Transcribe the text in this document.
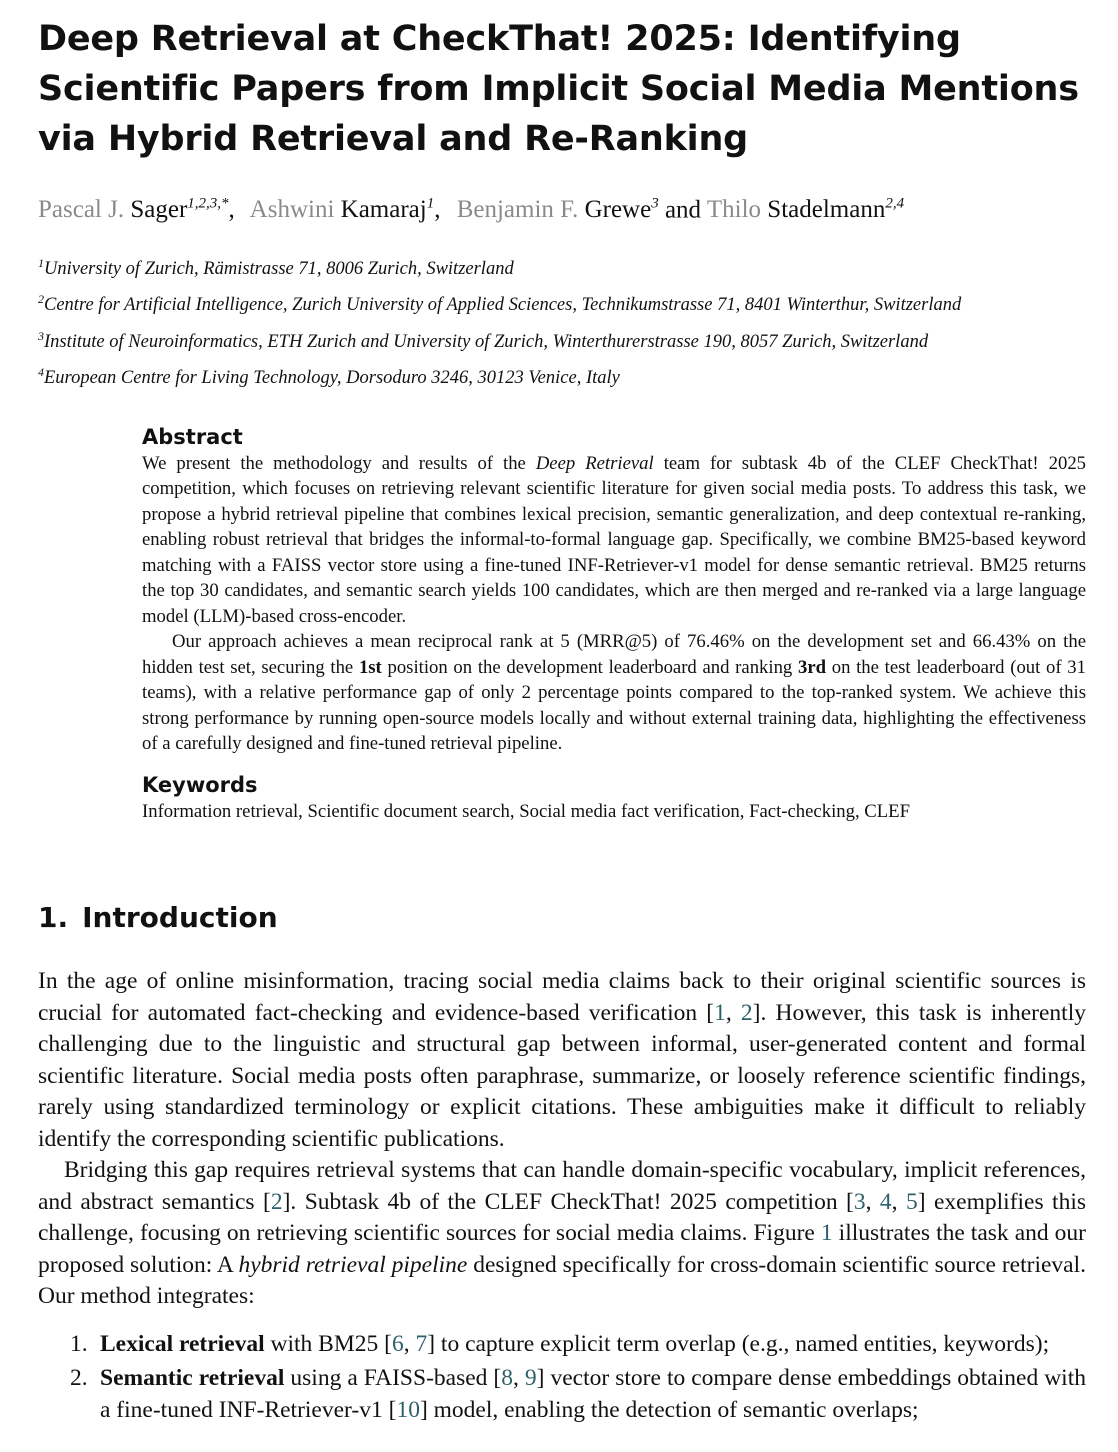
Deep Retrieval at CheckThat! 2025: Identifying Scientific Papers from Implicit Social Media Mentions via Hybrid Retrieval and Re-Ranking
Pascal J. Sager$^{1,2,3,*}$, Ashwini Kamaraj$^1$, Benjamin F. Grewe$^3$ and Thilo Stadelmann$^{2,4}$
$^1$University of Zurich, Rämistrasse 71, 8006 Zurich, Switzerland
$^2$Centre for Artificial Intelligence, Zurich University of Applied Sciences, Technikumstrasse 71, 8401 Winterthur, Switzerland
$^3$Institute of Neuroinformatics, ETH Zurich and University of Zurich, Winterthurerstrasse 190, 8057 Zurich, Switzerland
$^4$European Centre for Living Technology, Dorsoduro 3246, 30123 Venice, Italy
Abstract

We present the methodology and results of the Deep Retrieval team for subtask 4b of the CLEF CheckThat! 2025 competition, which focuses on retrieving relevant scientific literature for given social media posts. To address this task, we propose a hybrid retrieval pipeline that combines lexical precision, semantic generalization, and deep contextual re-ranking, enabling robust retrieval that bridges the informal-to-formal language gap. Specifically, we combine BM25-based keyword matching with a FAISS vector store using a fine-tuned INF-Retriever-v1 model for dense semantic retrieval. BM25 returns the top 30 candidates, and semantic search yields 100 candidates, which are then merged and re-ranked via a large language model (LLM)-based cross-encoder.

Our approach achieves a mean reciprocal rank at 5 (MRR@5) of 76.46% on the development set and 66.43% on the hidden test set, securing the 1st position on the development leaderboard and ranking 3rd on the test leaderboard (out of 31 teams), with a relative performance gap of only 2 percentage points compared to the top-ranked system. We achieve this strong performance by running open-source models locally and without external training data, highlighting the effectiveness of a carefully designed and fine-tuned retrieval pipeline.

Keywords

Information retrieval, Scientific document search, Social media fact verification, Fact-checking, CLEF

1. Introduction

In the age of online misinformation, tracing social media claims back to their original scientific sources is crucial for automated fact-checking and evidence-based verification [1, 2]. However, this task is inherently challenging due to the linguistic and structural gap between informal, user-generated content and formal scientific literature. Social media posts often paraphrase, summarize, or loosely reference scientific findings, rarely using standardized terminology or explicit citations. These ambiguities make it difficult to reliably identify the corresponding scientific publications.

Bridging this gap requires retrieval systems that can handle domain-specific vocabulary, implicit references, and abstract semantics [2]. Subtask 4b of the CLEF CheckThat! 2025 competition [3, 4, 5] exemplifies this challenge, focusing on retrieving scientific sources for social media claims. Figure 1 illustrates the task and our proposed solution: A hybrid retrieval pipeline designed specifically for cross-domain scientific source retrieval. Our method integrates:

1. Lexical retrieval with BM25 [6, 7] to capture explicit term overlap (e.g., named entities, keywords);
2. Semantic retrieval using a FAISS-based [8, 9] vector store to compare dense embeddings obtained with a fine-tuned INF-Retriever-v1 [10] model, enabling the detection of semantic overlaps;
